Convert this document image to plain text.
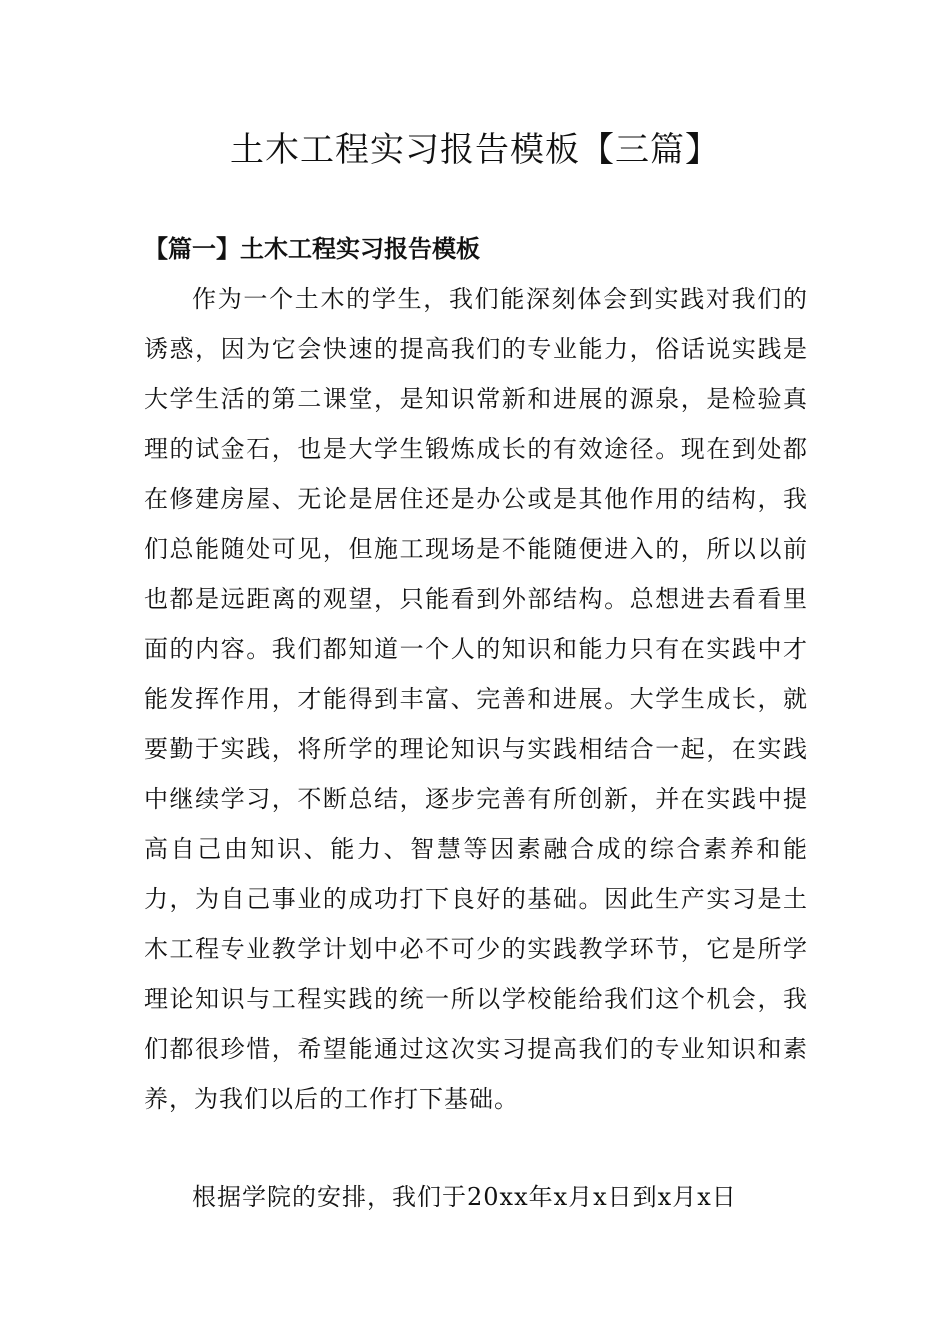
土木工程实习报告模板【三篇】
【篇一】土木工程实习报告模板

作为一个土木的学生，我们能深刻体会到实践对我们的诱惑，因为它会快速的提高我们的专业能力，俗话说实践是大学生活的第二课堂，是知识常新和进展的源泉，是检验真理的试金石，也是大学生锻炼成长的有效途径。现在到处都在修建房屋、无论是居住还是办公或是其他作用的结构，我们总能随处可见，但施工现场是不能随便进入的，所以以前也都是远距离的观望，只能看到外部结构。总想进去看看里面的内容。我们都知道一个人的知识和能力只有在实践中才能发挥作用，才能得到丰富、完善和进展。大学生成长，就要勤于实践，将所学的理论知识与实践相结合一起，在实践中继续学习，不断总结，逐步完善有所创新，并在实践中提高自己由知识、能力、智慧等因素融合成的综合素养和能力，为自己事业的成功打下良好的基础。因此生产实习是土木工程专业教学计划中必不可少的实践教学环节，它是所学理论知识与工程实践的统一所以学校能给我们这个机会，我们都很珍惜，希望能通过这次实习提高我们的专业知识和素养，为我们以后的工作打下基础。

根据学院的安排，我们于20xx年x月x日到x月x日
